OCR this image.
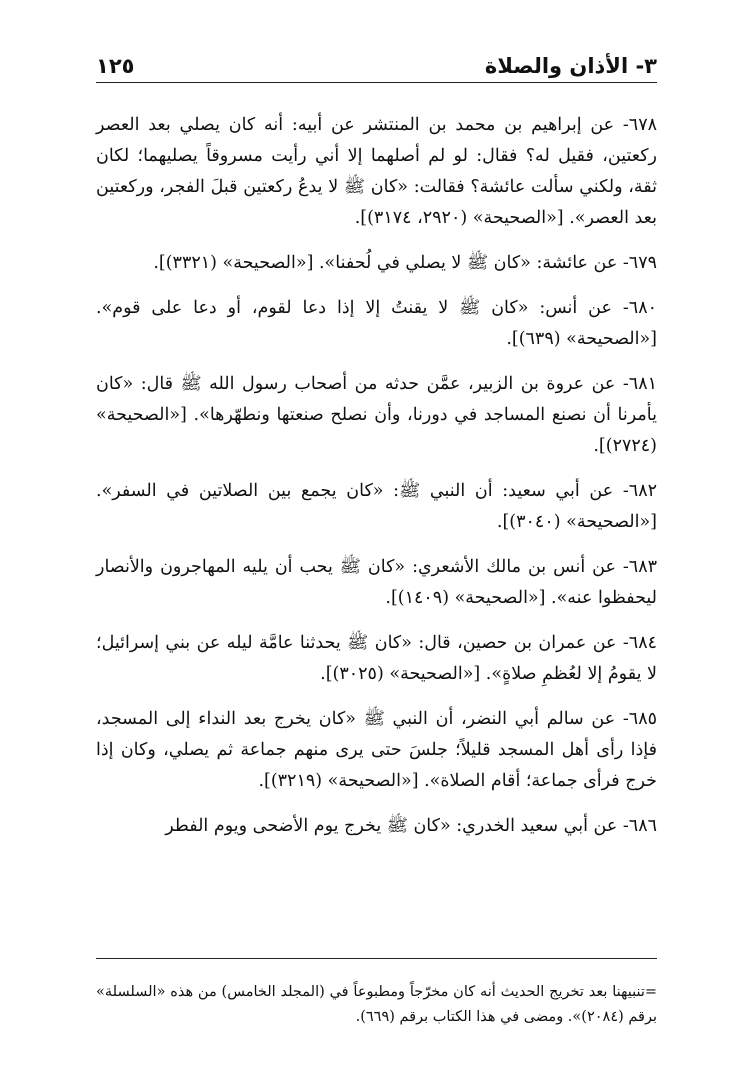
٣- الأذان والصلاة
١٢٥

٦٧٨- عن إبراهيم بن محمد بن المنتشر عن أبيه: أنه كان يصلي بعد العصر ركعتين، فقيل له؟ فقال: لو لم أصلهما إلا أني رأيت مسروقاً يصليهما؛ لكان ثقة، ولكني سألت عائشة؟ فقالت: «كان ﷺ لا يدعُ ركعتين قبلَ الفجر، وركعتين بعد العصر». [«الصحيحة» (٢٩٢٠، ٣١٧٤)].

٦٧٩- عن عائشة: «كان ﷺ لا يصلي في لُحفنا». [«الصحيحة» (٣٣٢١)].

٦٨٠- عن أنس: «كان ﷺ لا يقنتُ إلا إذا دعا لقوم، أو دعا على قوم». [«الصحيحة» (٦٣٩)].

٦٨١- عن عروة بن الزبير، عمَّن حدثه من أصحاب رسول الله ﷺ قال: «كان يأمرنا أن نصنع المساجد في دورنا، وأن نصلح صنعتها ونطهّرها». [«الصحيحة» (٢٧٢٤)].

٦٨٢- عن أبي سعيد: أن النبي ﷺ: «كان يجمع بين الصلاتين في السفر». [«الصحيحة» (٣٠٤٠)].

٦٨٣- عن أنس بن مالك الأشعري: «كان ﷺ يحب أن يليه المهاجرون والأنصار ليحفظوا عنه». [«الصحيحة» (١٤٠٩)].

٦٨٤- عن عمران بن حصين، قال: «كان ﷺ يحدثنا عامَّة ليله عن بني إسرائيل؛ لا يقومُ إلا لعُظمِ صلاةٍ». [«الصحيحة» (٣٠٢٥)].

٦٨٥- عن سالم أبي النضر، أن النبي ﷺ «كان يخرج بعد النداء إلى المسجد، فإذا رأى أهل المسجد قليلاً؛ جلسَ حتى يرى منهم جماعة ثم يصلي، وكان إذا خرج فرأى جماعة؛ أقام الصلاة». [«الصحيحة» (٣٢١٩)].

٦٨٦- عن أبي سعيد الخدري: «كان ﷺ يخرج يوم الأضحى ويوم الفطر

=تنبيهنا بعد تخريج الحديث أنه كان مخرّجاً ومطبوعاً في (المجلد الخامس) من هذه «السلسلة» برقم (٢٠٨٤)». ومضى في هذا الكتاب برقم (٦٦٩).
